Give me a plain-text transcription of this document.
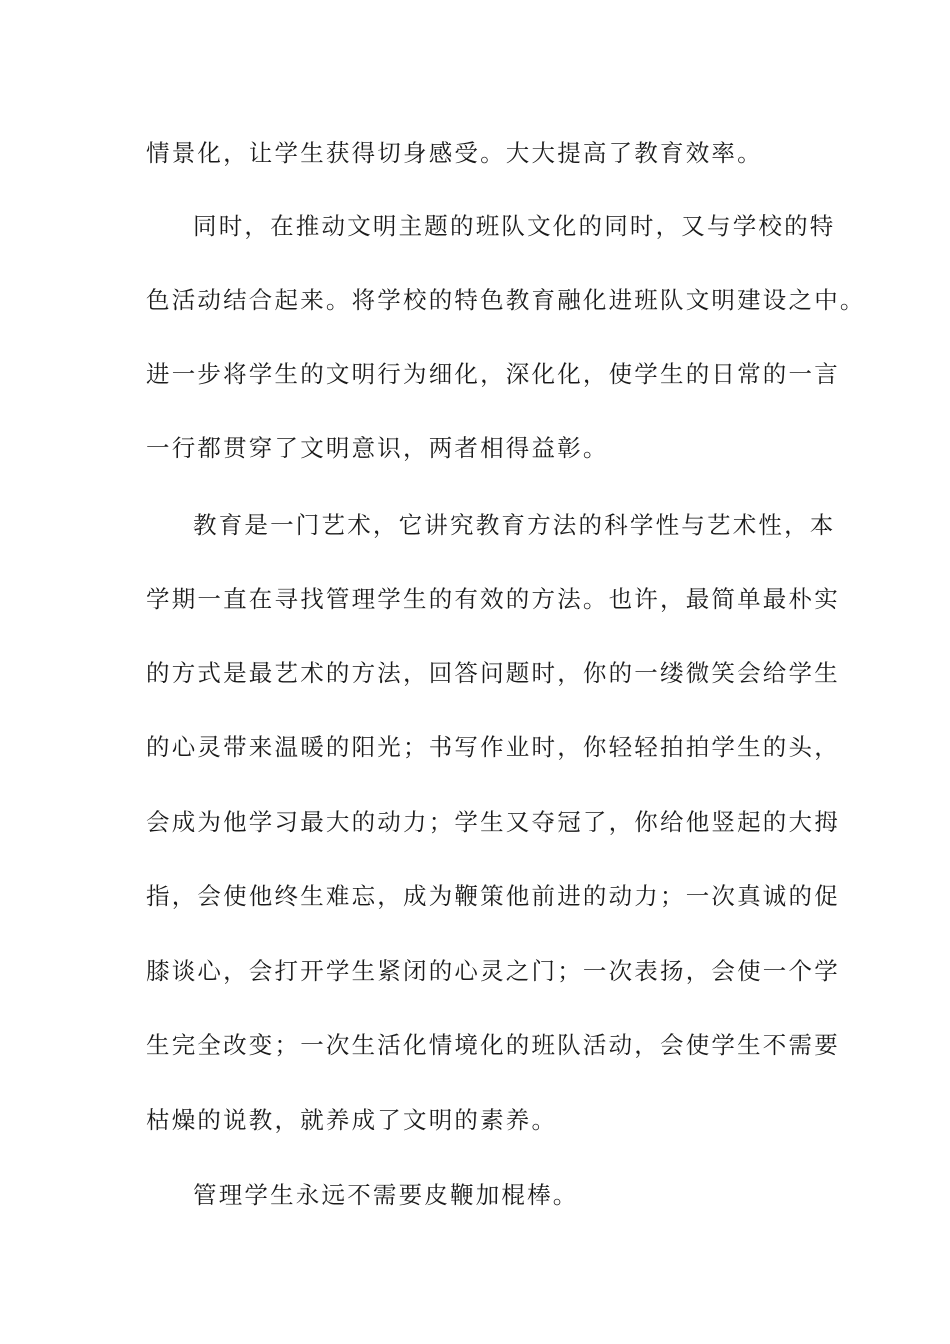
情景化，让学生获得切身感受。大大提高了教育效率。
同时，在推动文明主题的班队文化的同时，又与学校的特
色活动结合起来。将学校的特色教育融化进班队文明建设之中。
进一步将学生的文明行为细化，深化化，使学生的日常的一言
一行都贯穿了文明意识，两者相得益彰。
教育是一门艺术，它讲究教育方法的科学性与艺术性，本
学期一直在寻找管理学生的有效的方法。也许，最简单最朴实
的方式是最艺术的方法，回答问题时，你的一缕微笑会给学生
的心灵带来温暖的阳光；书写作业时，你轻轻拍拍学生的头，
会成为他学习最大的动力；学生又夺冠了，你给他竖起的大拇
指，会使他终生难忘，成为鞭策他前进的动力；一次真诚的促
膝谈心，会打开学生紧闭的心灵之门；一次表扬，会使一个学
生完全改变；一次生活化情境化的班队活动，会使学生不需要
枯燥的说教，就养成了文明的素养。
管理学生永远不需要皮鞭加棍棒。
